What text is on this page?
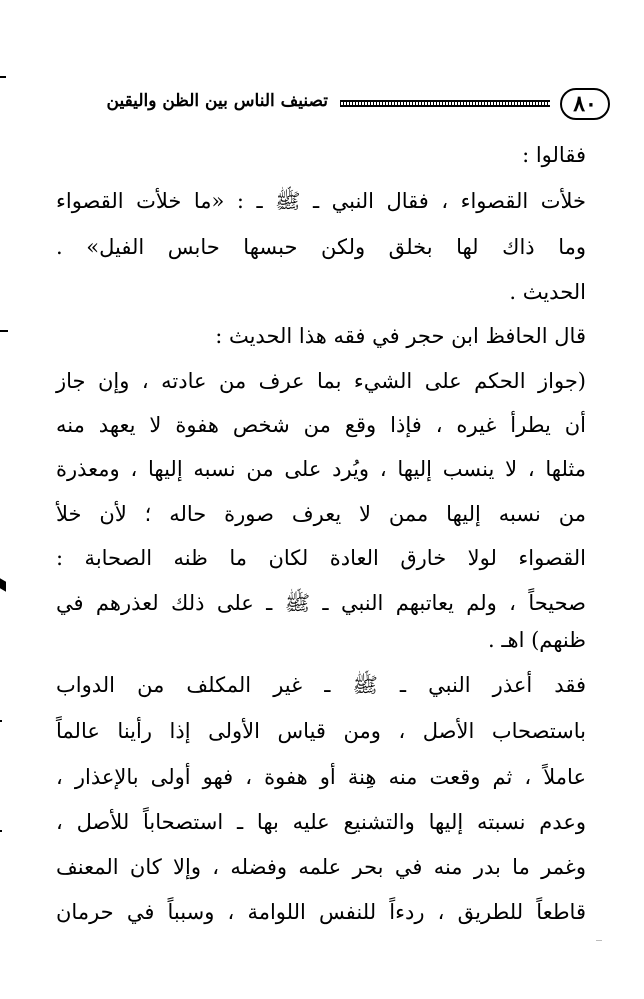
٨٠
تصنيف الناس بين الظن واليقين
فقالوا :
خلأت القصواء ، فقال النبي ـ ﷺ ـ : «ما خلأت القصواء
وما ذاك لها بخلق ولكن حبسها حابس الفيل» .
الحديث .
قال الحافظ ابن حجر في فقه هذا الحديث :
(جواز الحكم على الشيء بما عرف من عادته ، وإن جاز
أن يطرأ غيره ، فإذا وقع من شخص هفوة لا يعهد منه
مثلها ، لا ينسب إليها ، ويُرد على من نسبه إليها ، ومعذرة
من نسبه إليها ممن لا يعرف صورة حاله ؛ لأن خلأ
القصواء لولا خارق العادة لكان ما ظنه الصحابة :
صحيحاً ، ولم يعاتبهم النبي ـ ﷺ ـ على ذلك لعذرهم في
ظنهم) اهـ .
فقد أعذر النبي ـ ﷺ ـ غير المكلف من الدواب
باستصحاب الأصل ، ومن قياس الأولى إذا رأينا عالماً
عاملاً ، ثم وقعت منه هِنة أو هفوة ، فهو أولى بالإعذار ،
وعدم نسبته إليها والتشنيع عليه بها ـ استصحاباً للأصل ،
وغمر ما بدر منه في بحر علمه وفضله ، وإلا كان المعنف
قاطعاً للطريق ، ردءاً للنفس اللوامة ، وسبباً في حرمان
